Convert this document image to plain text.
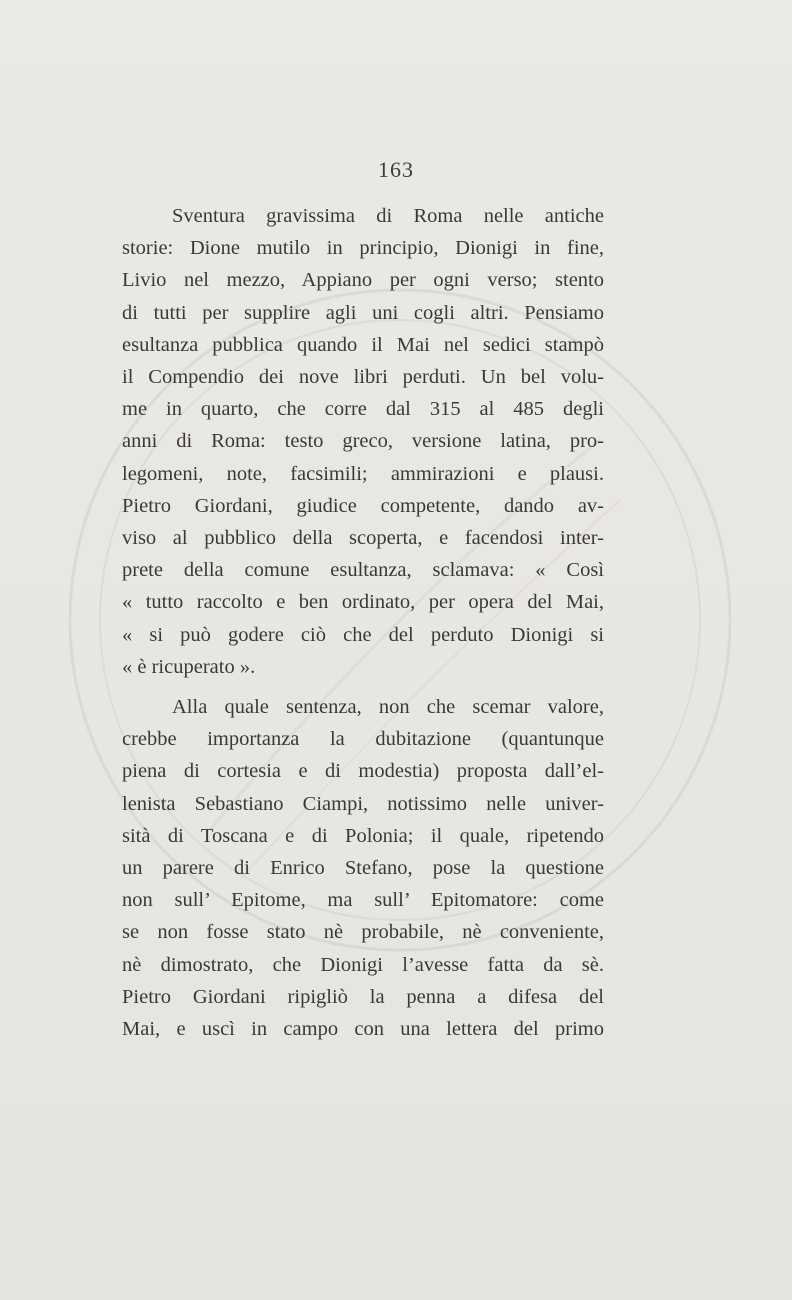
163

Sventura gravissima di Roma nelle antiche
storie: Dione mutilo in principio, Dionigi in fine,
Livio nel mezzo, Appiano per ogni verso; stento
di tutti per supplire agli uni cogli altri. Pensiamo
esultanza pubblica quando il Mai nel sedici stampò
il Compendio dei nove libri perduti. Un bel volu-
me in quarto, che corre dal 315 al 485 degli
anni di Roma: testo greco, versione latina, pro-
legomeni, note, facsimili; ammirazioni e plausi.
Pietro Giordani, giudice competente, dando av-
viso al pubblico della scoperta, e facendosi inter-
prete della comune esultanza, sclamava: « Così
« tutto raccolto e ben ordinato, per opera del Mai,
« si può godere ciò che del perduto Dionigi si
« è ricuperato ».

Alla quale sentenza, non che scemar valore,
crebbe importanza la dubitazione (quantunque
piena di cortesia e di modestia) proposta dall’el-
lenista Sebastiano Ciampi, notissimo nelle univer-
sità di Toscana e di Polonia; il quale, ripetendo
un parere di Enrico Stefano, pose la questione
non sull’ Epitome, ma sull’ Epitomatore: come
se non fosse stato nè probabile, nè conveniente,
nè dimostrato, che Dionigi l’avesse fatta da sè.
Pietro Giordani ripigliò la penna a difesa del
Mai, e uscì in campo con una lettera del primo
